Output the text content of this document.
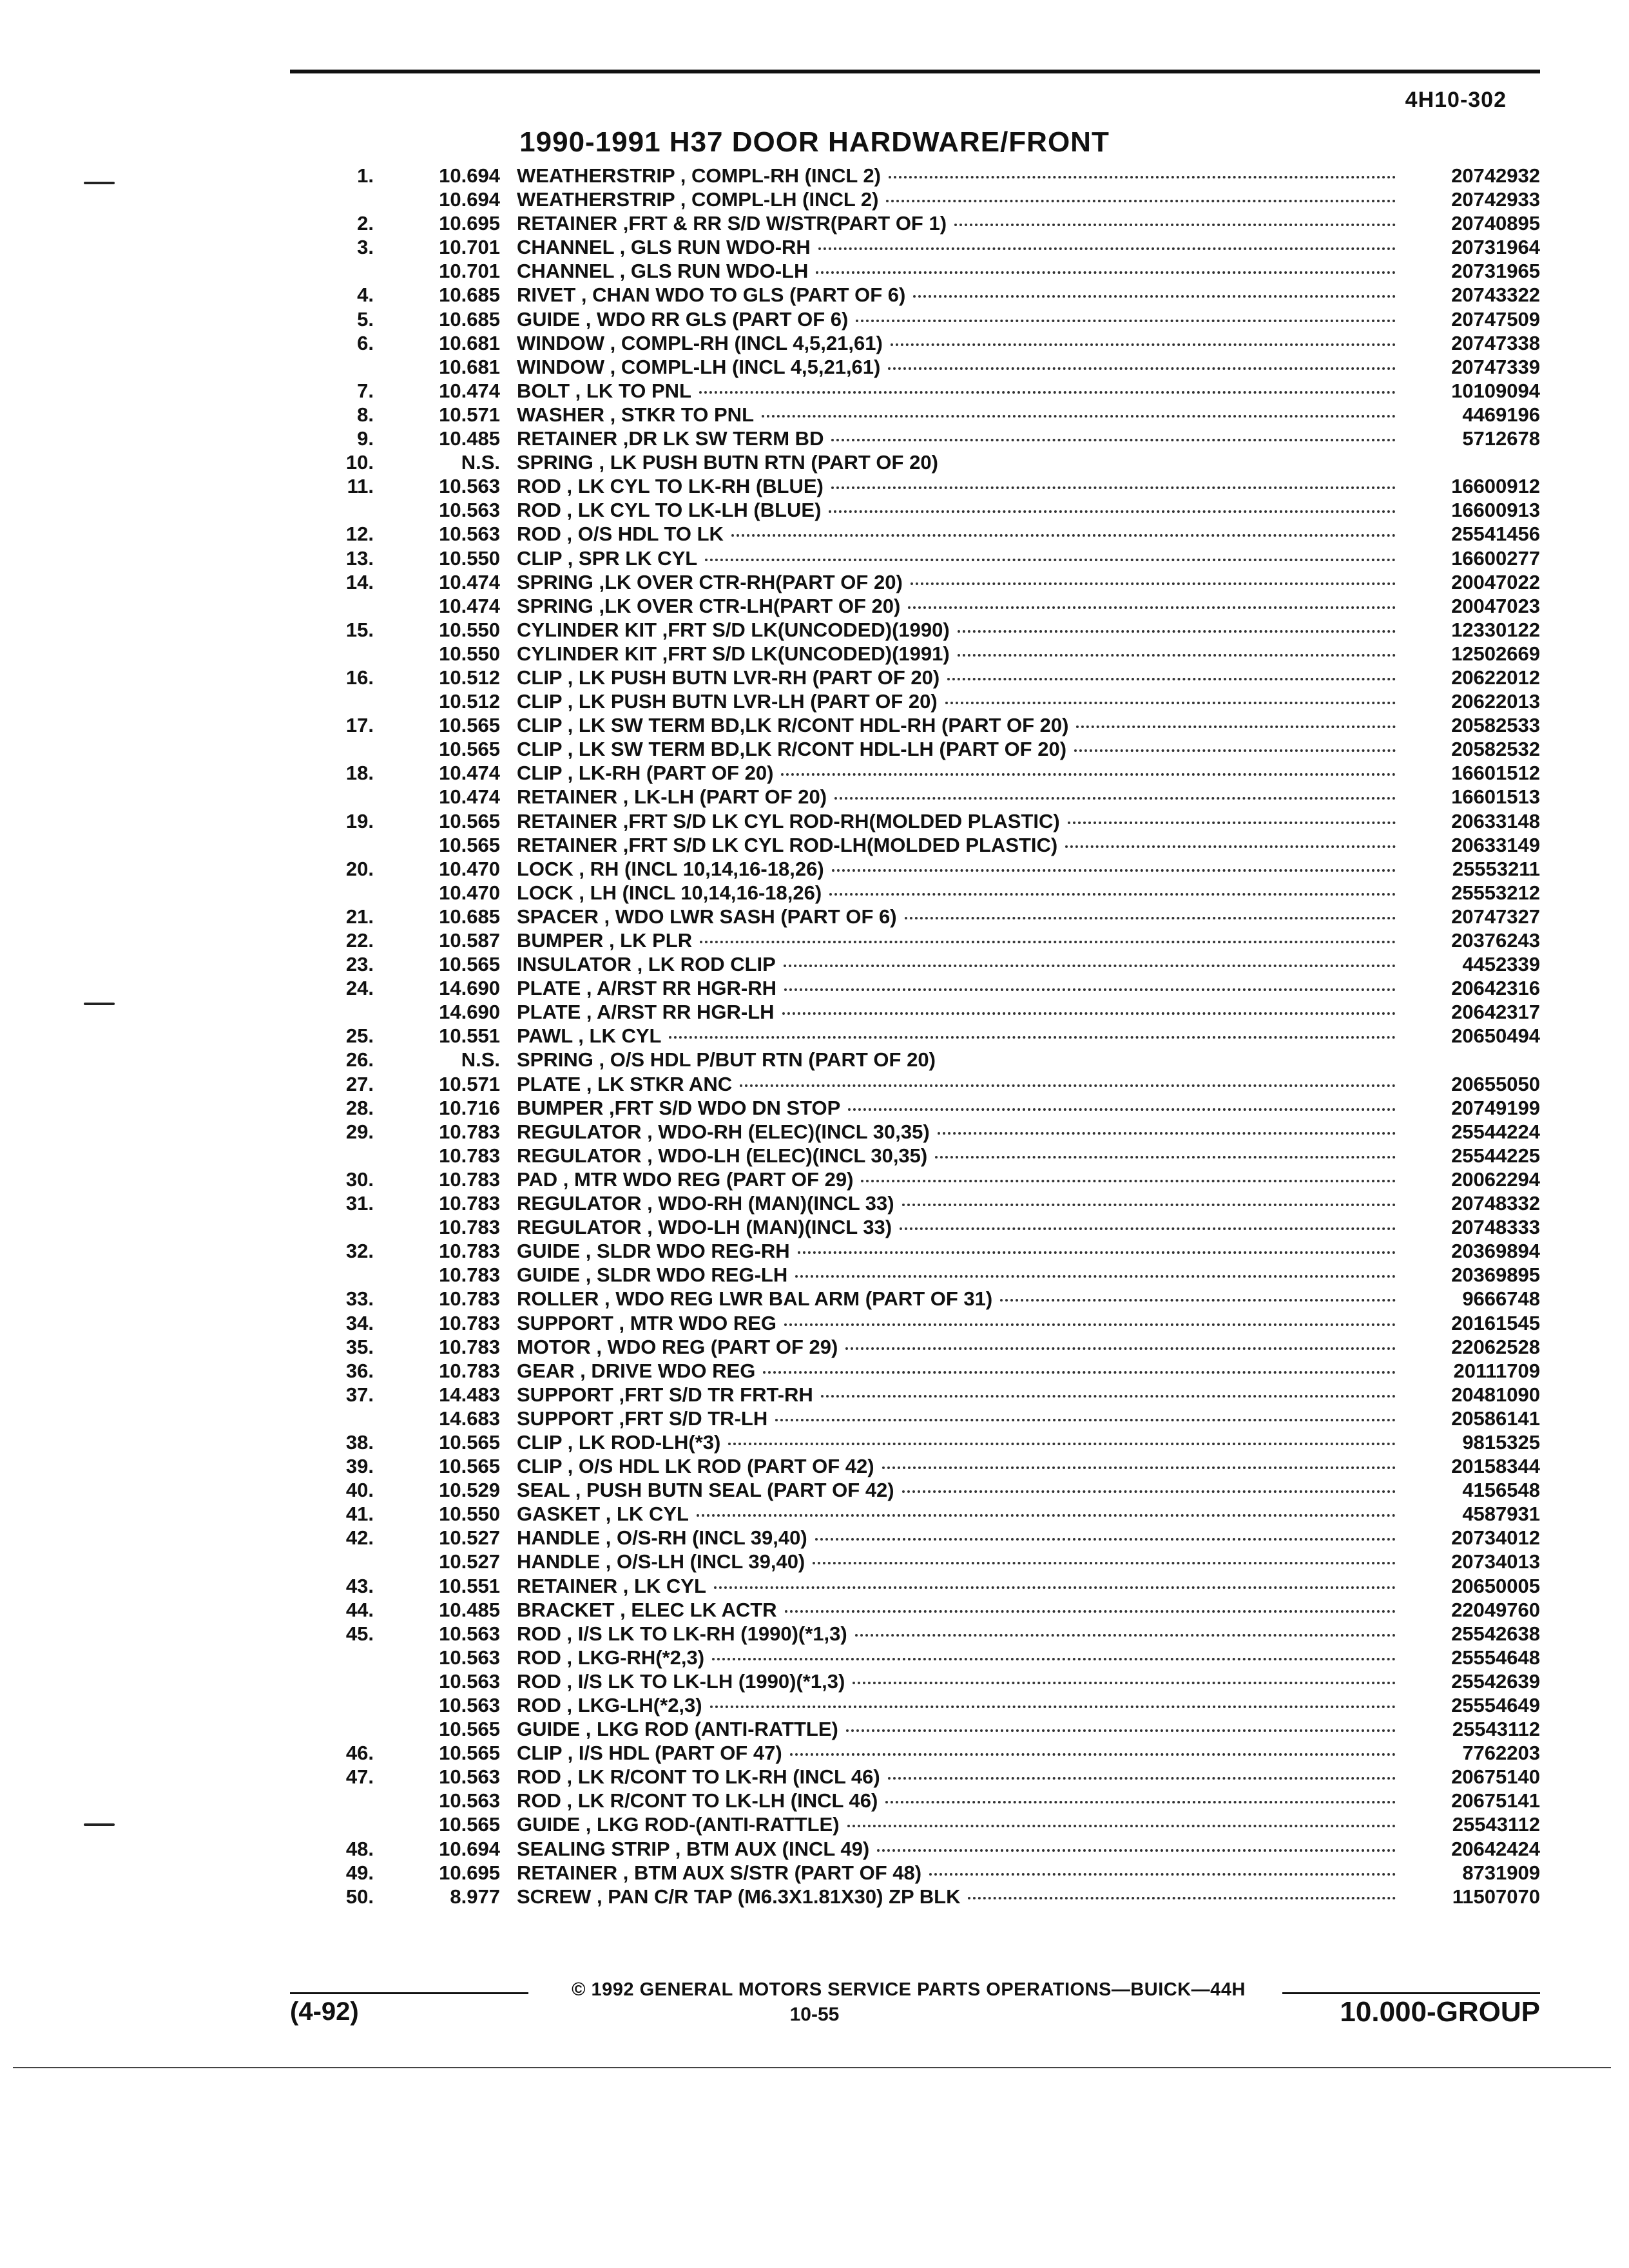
4H10-302
1990-1991 H37 DOOR HARDWARE/FRONT
1.	10.694 WEATHERSTRIP , COMPL-RH (INCL 2)	20742932
10.694 WEATHERSTRIP , COMPL-LH (INCL 2)	20742933
2.	10.695 RETAINER ,FRT & RR S/D W/STR(PART OF 1)	20740895
3.	10.701 CHANNEL , GLS RUN WDO-RH	20731964
10.701 CHANNEL , GLS RUN WDO-LH	20731965
4.	10.685 RIVET , CHAN WDO TO GLS (PART OF 6)	20743322
5.	10.685 GUIDE , WDO RR GLS (PART OF 6)	20747509
6.	10.681 WINDOW , COMPL-RH (INCL 4,5,21,61)	20747338
10.681 WINDOW , COMPL-LH (INCL 4,5,21,61)	20747339
7.	10.474 BOLT , LK TO PNL	10109094
8.	10.571 WASHER , STKR TO PNL	4469196
9.	10.485 RETAINER ,DR LK SW TERM BD	5712678
10.	N.S. SPRING , LK PUSH BUTN RTN (PART OF 20)
11.	10.563 ROD , LK CYL TO LK-RH (BLUE)	16600912
10.563 ROD , LK CYL TO LK-LH (BLUE)	16600913
12.	10.563 ROD , O/S HDL TO LK	25541456
13.	10.550 CLIP , SPR LK CYL	16600277
14.	10.474 SPRING ,LK OVER CTR-RH(PART OF 20)	20047022
10.474 SPRING ,LK OVER CTR-LH(PART OF 20)	20047023
15.	10.550 CYLINDER KIT ,FRT S/D LK(UNCODED)(1990)	12330122
10.550 CYLINDER KIT ,FRT S/D LK(UNCODED)(1991)	12502669
16.	10.512 CLIP , LK PUSH BUTN LVR-RH (PART OF 20)	20622012
10.512 CLIP , LK PUSH BUTN LVR-LH (PART OF 20)	20622013
17.	10.565 CLIP , LK SW TERM BD,LK R/CONT HDL-RH (PART OF 20)	20582533
10.565 CLIP , LK SW TERM BD,LK R/CONT HDL-LH (PART OF 20)	20582532
18.	10.474 CLIP , LK-RH (PART OF 20)	16601512
10.474 RETAINER , LK-LH (PART OF 20)	16601513
19.	10.565 RETAINER ,FRT S/D LK CYL ROD-RH(MOLDED PLASTIC)	20633148
10.565 RETAINER ,FRT S/D LK CYL ROD-LH(MOLDED PLASTIC)	20633149
20.	10.470 LOCK , RH (INCL 10,14,16-18,26)	25553211
10.470 LOCK , LH (INCL 10,14,16-18,26)	25553212
21.	10.685 SPACER , WDO LWR SASH (PART OF 6)	20747327
22.	10.587 BUMPER , LK PLR	20376243
23.	10.565 INSULATOR , LK ROD CLIP	4452339
24.	14.690 PLATE , A/RST RR HGR-RH	20642316
14.690 PLATE , A/RST RR HGR-LH	20642317
25.	10.551 PAWL , LK CYL	20650494
26.	N.S. SPRING , O/S HDL P/BUT RTN (PART OF 20)
27.	10.571 PLATE , LK STKR ANC	20655050
28.	10.716 BUMPER ,FRT S/D WDO DN STOP	20749199
29.	10.783 REGULATOR , WDO-RH (ELEC)(INCL 30,35)	25544224
10.783 REGULATOR , WDO-LH (ELEC)(INCL 30,35)	25544225
30.	10.783 PAD , MTR WDO REG (PART OF 29)	20062294
31.	10.783 REGULATOR , WDO-RH (MAN)(INCL 33)	20748332
10.783 REGULATOR , WDO-LH (MAN)(INCL 33)	20748333
32.	10.783 GUIDE , SLDR WDO REG-RH	20369894
10.783 GUIDE , SLDR WDO REG-LH	20369895
33.	10.783 ROLLER , WDO REG LWR BAL ARM (PART OF 31)	9666748
34.	10.783 SUPPORT , MTR WDO REG	20161545
35.	10.783 MOTOR , WDO REG (PART OF 29)	22062528
36.	10.783 GEAR , DRIVE WDO REG	20111709
37.	14.483 SUPPORT ,FRT S/D TR FRT-RH	20481090
14.683 SUPPORT ,FRT S/D TR-LH	20586141
38.	10.565 CLIP , LK ROD-LH(*3)	9815325
39.	10.565 CLIP , O/S HDL LK ROD (PART OF 42)	20158344
40.	10.529 SEAL , PUSH BUTN SEAL (PART OF 42)	4156548
41.	10.550 GASKET , LK CYL	4587931
42.	10.527 HANDLE , O/S-RH (INCL 39,40)	20734012
10.527 HANDLE , O/S-LH (INCL 39,40)	20734013
43.	10.551 RETAINER , LK CYL	20650005
44.	10.485 BRACKET , ELEC LK ACTR	22049760
45.	10.563 ROD , I/S LK TO LK-RH (1990)(*1,3)	25542638
10.563 ROD , LKG-RH(*2,3)	25554648
10.563 ROD , I/S LK TO LK-LH (1990)(*1,3)	25542639
10.563 ROD , LKG-LH(*2,3)	25554649
10.565 GUIDE , LKG ROD (ANTI-RATTLE)	25543112
46.	10.565 CLIP , I/S HDL (PART OF 47)	7762203
47.	10.563 ROD , LK R/CONT TO LK-RH (INCL 46)	20675140
10.563 ROD , LK R/CONT TO LK-LH (INCL 46)	20675141
10.565 GUIDE , LKG ROD-(ANTI-RATTLE)	25543112
48.	10.694 SEALING STRIP , BTM AUX (INCL 49)	20642424
49.	10.695 RETAINER , BTM AUX S/STR (PART OF 48)	8731909
50.	8.977 SCREW , PAN C/R TAP (M6.3X1.81X30) ZP BLK	11507070
© 1992 GENERAL MOTORS SERVICE PARTS OPERATIONS—BUICK—44H
(4-92)	10-55	10.000-GROUP
